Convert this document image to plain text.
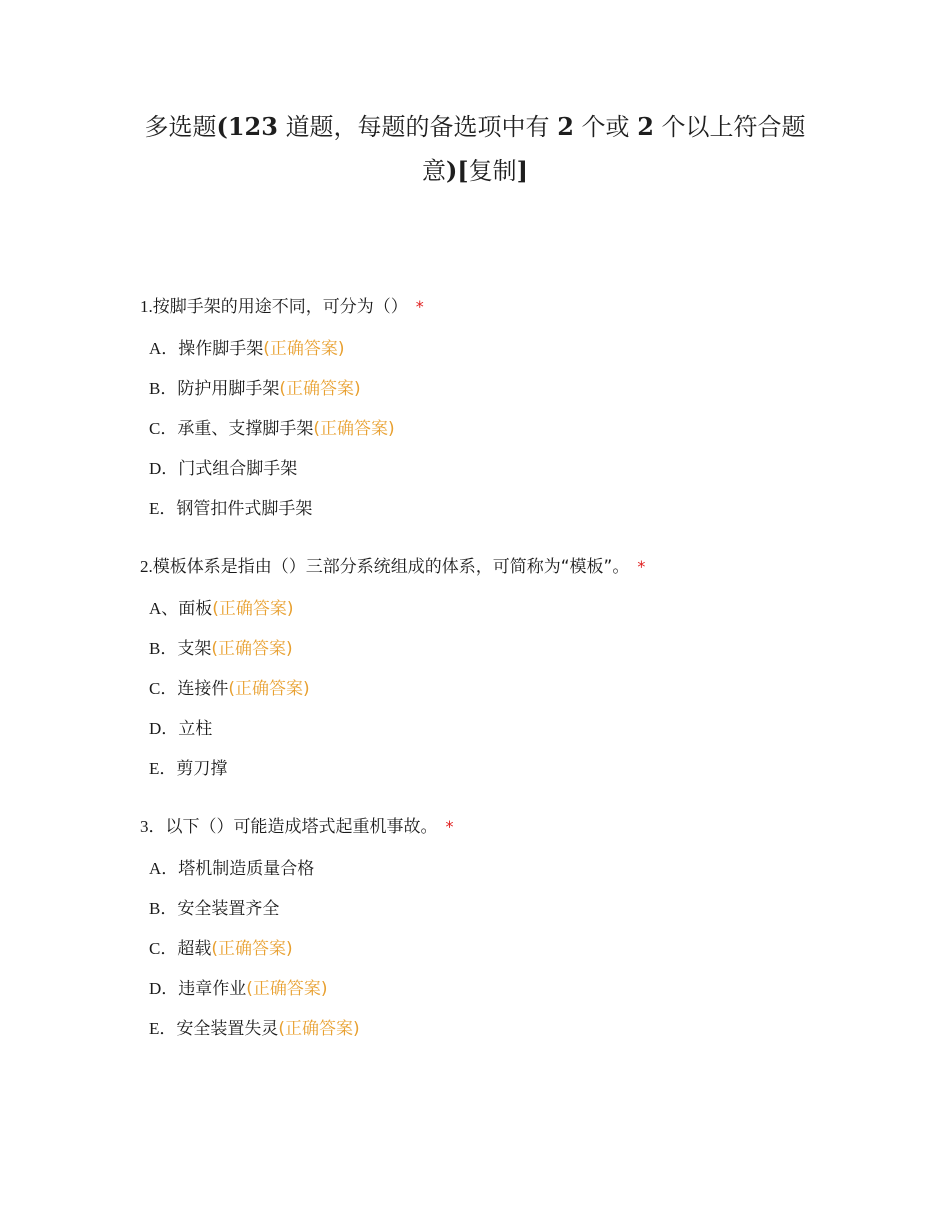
多选题(123 道题，每题的备选项中有 2 个或 2 个以上符合题意)[复制]
1.按脚手架的用途不同，可分为（） *
A．操作脚手架(正确答案)
B．防护用脚手架(正确答案)
C．承重、支撑脚手架(正确答案)
D．门式组合脚手架
E．钢管扣件式脚手架
2.模板体系是指由（）三部分系统组成的体系，可简称为“模板”。 *
A、面板(正确答案)
B．支架(正确答案)
C．连接件(正确答案)
D．立柱
E．剪刀撑
3．以下（）可能造成塔式起重机事故。 *
A．塔机制造质量合格
B．安全装置齐全
C．超载(正确答案)
D．违章作业(正确答案)
E．安全装置失灵(正确答案)
